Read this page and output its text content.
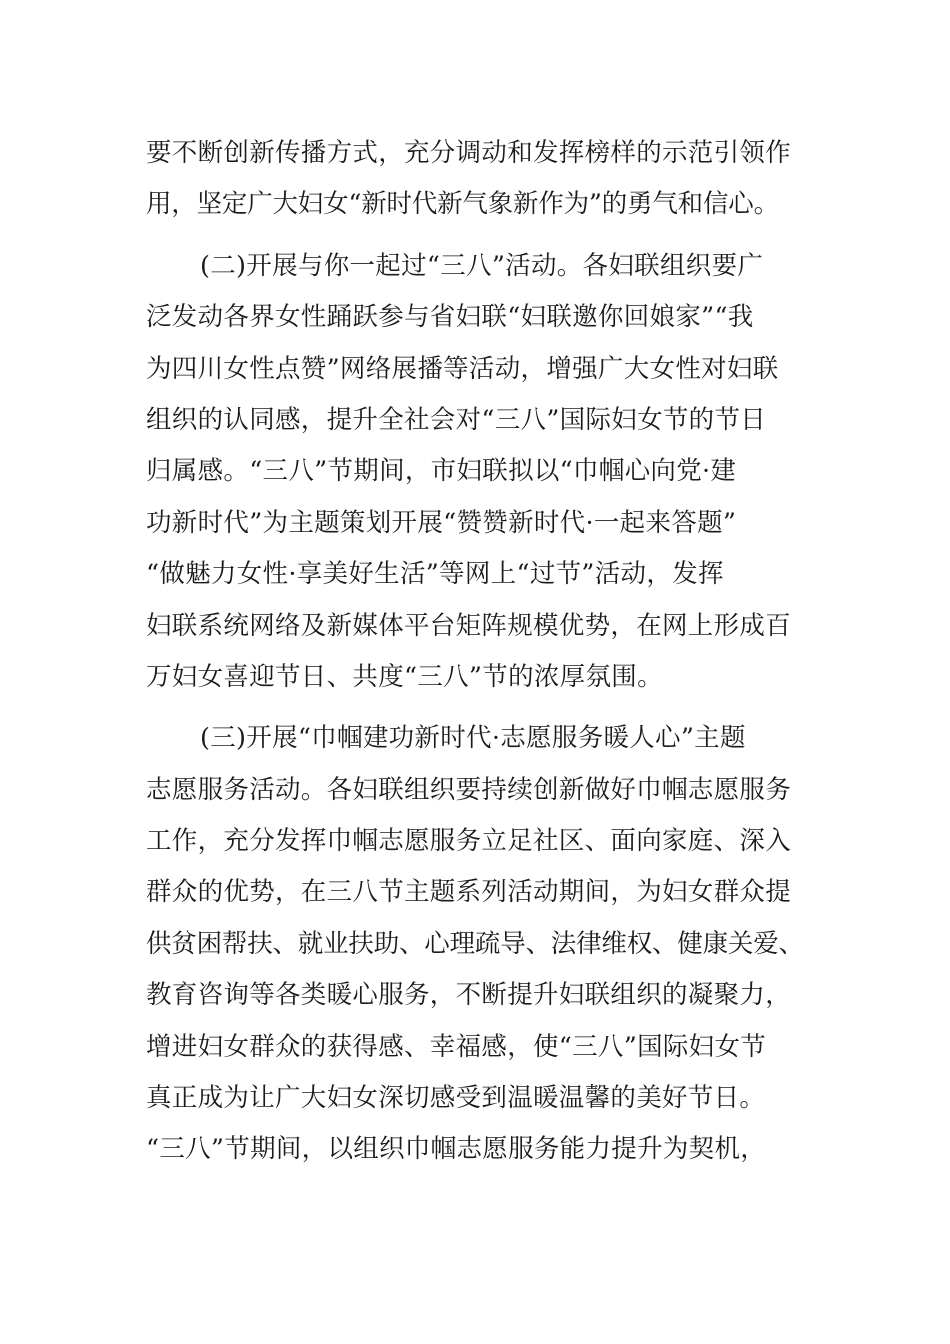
要不断创新传播方式，充分调动和发挥榜样的示范引领作
用，坚定广大妇女“新时代新气象新作为”的勇气和信心。
(二)开展与你一起过“三八”活动。各妇联组织要广
泛发动各界女性踊跃参与省妇联“妇联邀你回娘家”“我
为四川女性点赞”网络展播等活动，增强广大女性对妇联
组织的认同感，提升全社会对“三八”国际妇女节的节日
归属感。“三八”节期间，市妇联拟以“巾帼心向党·建
功新时代”为主题策划开展“赞赞新时代·一起来答题”
“做魅力女性·享美好生活”等网上“过节”活动，发挥
妇联系统网络及新媒体平台矩阵规模优势，在网上形成百
万妇女喜迎节日、共度“三八”节的浓厚氛围。
(三)开展“巾帼建功新时代·志愿服务暖人心”主题
志愿服务活动。各妇联组织要持续创新做好巾帼志愿服务
工作，充分发挥巾帼志愿服务立足社区、面向家庭、深入
群众的优势，在三八节主题系列活动期间，为妇女群众提
供贫困帮扶、就业扶助、心理疏导、法律维权、健康关爱、
教育咨询等各类暖心服务，不断提升妇联组织的凝聚力，
增进妇女群众的获得感、幸福感，使“三八”国际妇女节
真正成为让广大妇女深切感受到温暖温馨的美好节日。
“三八”节期间，以组织巾帼志愿服务能力提升为契机，
